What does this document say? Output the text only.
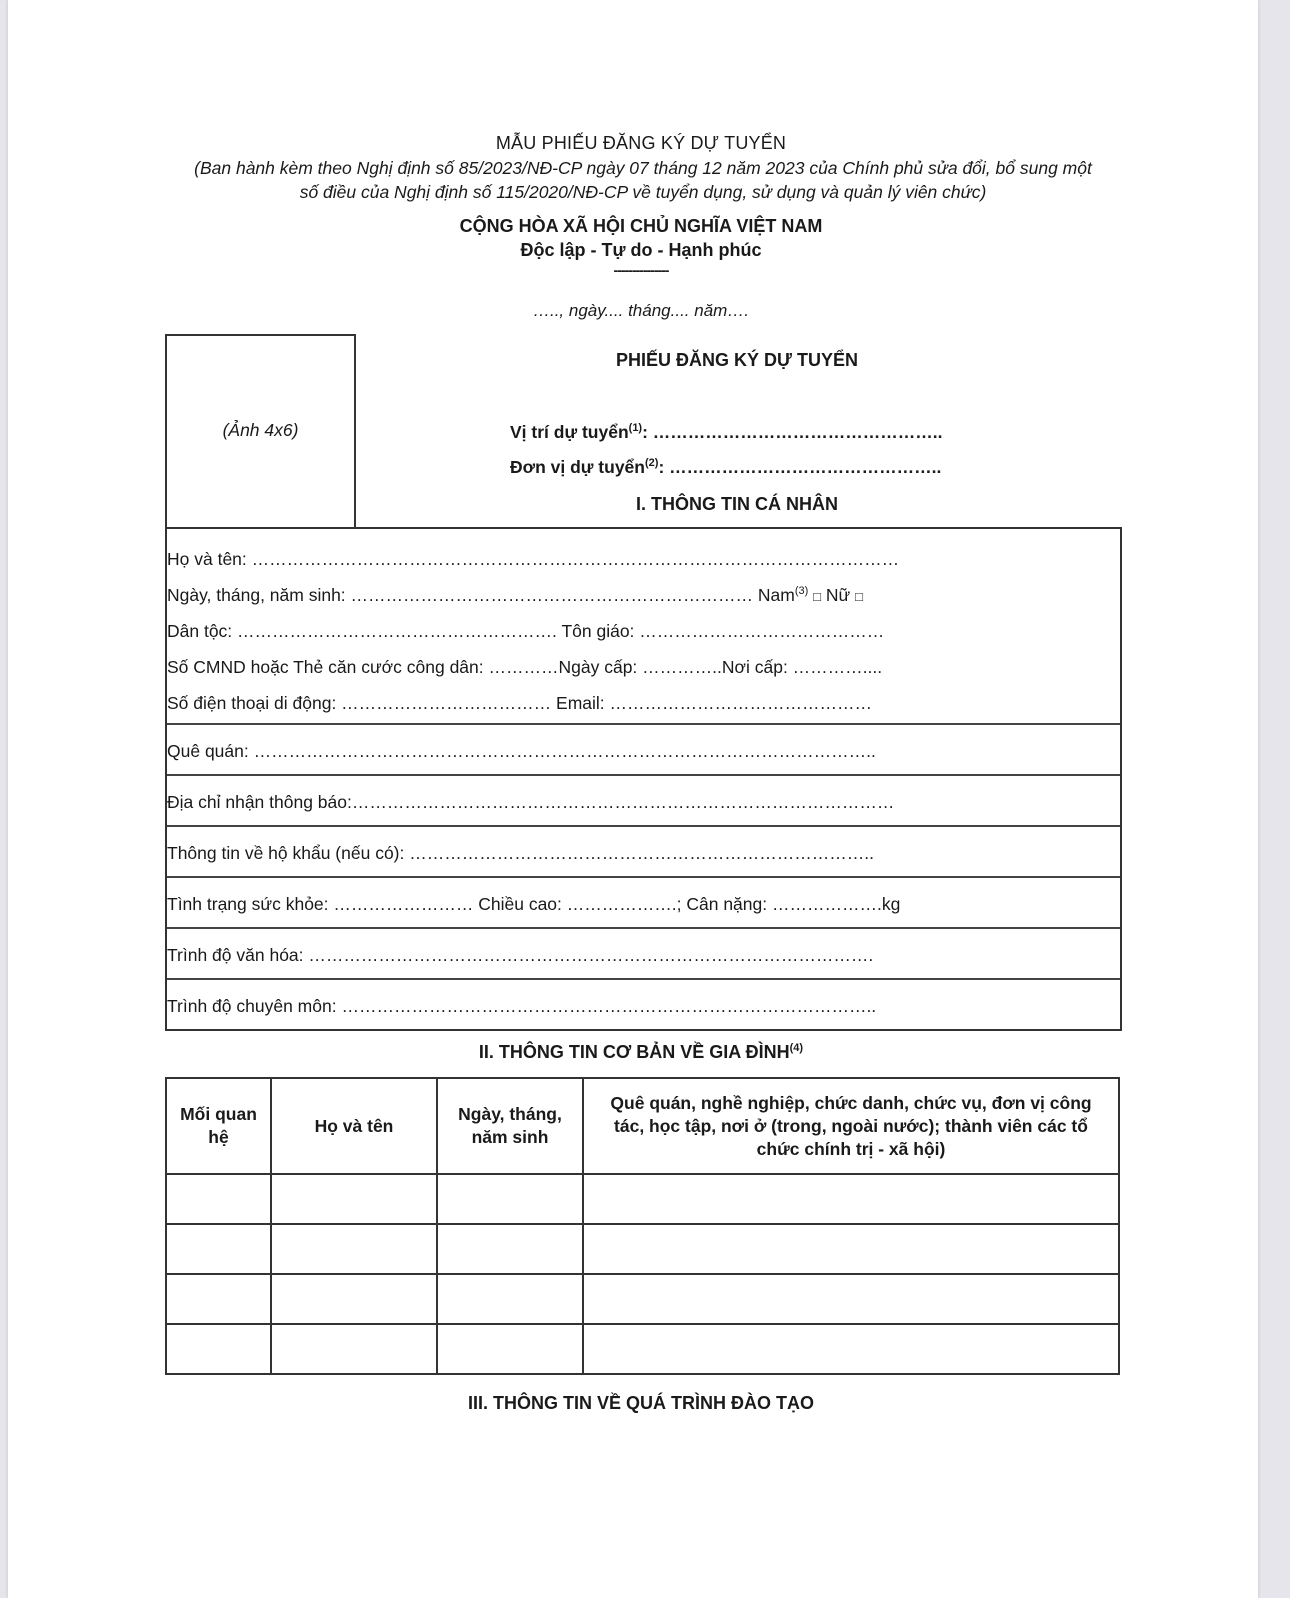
MẪU PHIẾU ĐĂNG KÝ DỰ TUYỂN
(Ban hành kèm theo Nghị định số 85/2023/NĐ-CP ngày 07 tháng 12 năm 2023 của Chính phủ sửa đổi, bổ sung một
số điều của Nghị định số 115/2020/NĐ-CP về tuyển dụng, sử dụng và quản lý viên chức)
CỘNG HÒA XÃ HỘI CHỦ NGHĨA VIỆT NAM
Độc lập - Tự do - Hạnh phúc
---------------
….., ngày.... tháng.... năm….
(Ảnh 4x6)
PHIẾU ĐĂNG KÝ DỰ TUYỂN
Vị trí dự tuyển$^{(1)}$: …………………………………………..
Đơn vị dự tuyển$^{(2)}$: ………………………………………..
I. THÔNG TIN CÁ NHÂN
Họ và tên: …………………………………………………………………………………………………
Ngày, tháng, năm sinh: …………………………………………………………… Nam$^{(3)}$ □ Nữ □
Dân tộc: ………………………………………………. Tôn giáo: ……………………………………
Số CMND hoặc Thẻ căn cước công dân: …………Ngày cấp: …………..Nơi cấp: …………....
Số điện thoại di động: ……………………………… Email: ………………………………………
Quê quán: ……………………………………………………………………………………………..
Địa chỉ nhận thông báo:…………………………………………………………………………………
Thông tin về hộ khẩu (nếu có): ……………………………………………………………………..
Tình trạng sức khỏe: …………………… Chiều cao: ……………….; Cân nặng: ……………….kg
Trình độ văn hóa: …………………………………………………………………………………….
Trình độ chuyên môn: ………………………………………………………………………………..
II. THÔNG TIN CƠ BẢN VỀ GIA ĐÌNH$^{(4)}$
Mối quan hệ	Họ và tên	Ngày, tháng, năm sinh	Quê quán, nghề nghiệp, chức danh, chức vụ, đơn vị công tác, học tập, nơi ở (trong, ngoài nước); thành viên các tổ chức chính trị - xã hội)

III. THÔNG TIN VỀ QUÁ TRÌNH ĐÀO TẠO
